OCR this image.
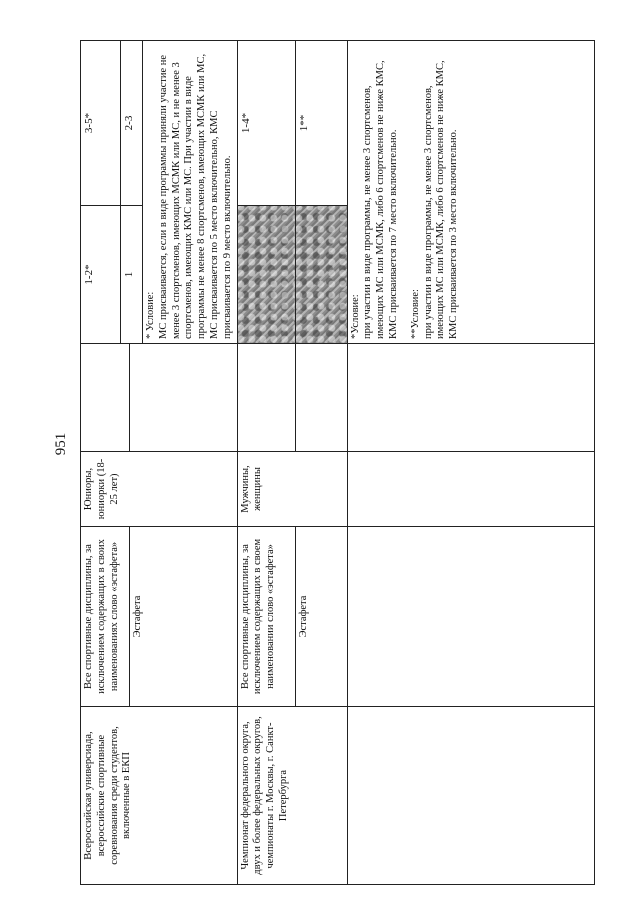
951
Всероссийская универсиада, всероссийские спортивные соревнования среди студентов, включенные в ЕКП	Все спортивные дисциплины, за исключением содержащих в своих наименованиях слово «эстафета»	Юниоры, юниорки (18-25 лет)		1-2*	3-5*
				1	2-3
	Эстафета				

				* Условие: МС присваивается, если в виде программы приняли участие не менее 3 спортсменов, имеющих МСМК или МС, и не менее 3 спортсменов, имеющих КМС или МС. При участии в виде программы не менее 8 спортсменов, имеющих МСМК или МС, МС присваивается по 5 место включительно, КМС присваивается по 9 место включительно.	

Чемпионат федерального округа, двух и более федеральных округов, чемпионаты г. Москвы, г. Санкт-Петербурга	Все спортивные дисциплины, за исключением содержащих в своем наименовании слово «эстафета»	Мужчины, женщины			1-4*
	Эстафета				1**

				*Условие: при участии в виде программы, не менее 3 спортсменов, имеющих МС или МСМК, либо 6 спортсменов не ниже КМС, КМС присваивается по 7 место включительно. **Условие: при участии в виде программы, не менее 3 спортсменов, имеющих МС или МСМК, либо 6 спортсменов не ниже КМС, КМС присваивается по 3 место включительно.	
